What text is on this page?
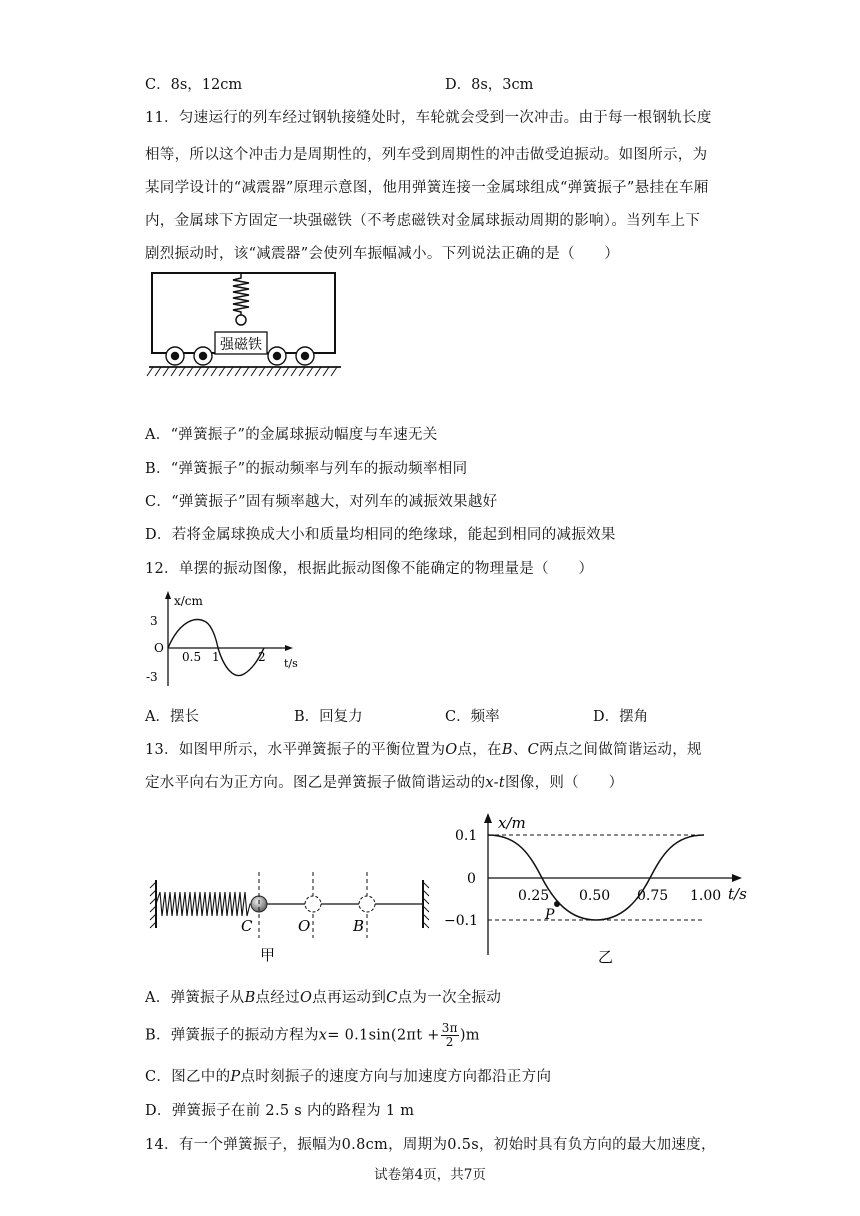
C．8s，12cm	D．8s，3cm
11．匀速运行的列车经过钢轨接缝处时，车轮就会受到一次冲击。由于每一根钢轨长度
相等，所以这个冲击力是周期性的，列车受到周期性的冲击做受迫振动。如图所示，为
某同学设计的“减震器”原理示意图，他用弹簧连接一金属球组成“弹簧振子”悬挂在车厢
内，金属球下方固定一块强磁铁（不考虑磁铁对金属球振动周期的影响）。当列车上下
剧烈振动时，该“减震器”会使列车振幅减小。下列说法正确的是（　　）
强磁铁
A．“弹簧振子”的金属球振动幅度与车速无关
B．“弹簧振子”的振动频率与列车的振动频率相同
C．“弹簧振子”固有频率越大，对列车的减振效果越好
D．若将金属球换成大小和质量均相同的绝缘球，能起到相同的减振效果
12．单摆的振动图像，根据此振动图像不能确定的物理量是（　　）
x/cm
t/s
3
O
-3
0.5 1	2
A．摆长	B．回复力	C．频率	D．摆角
13．如图甲所示，水平弹簧振子的平衡位置为O点，在B、C两点之间做简谐运动，规
定水平向右为正方向。图乙是弹簧振子做简谐运动的x-t图像，则（　　）
C	O	B
甲
x/m
t/s
0.1
0
−0.1
0.25 0.50 0.75 1.00
P
乙
A．弹簧振子从B点经过O点再运动到C点为一次全振动
B．弹簧振子的振动方程为$x= 0.1\sin(2\pi t + \frac{3\pi}{2} )m$
C．图乙中的P点时刻振子的速度方向与加速度方向都沿正方向
D．弹簧振子在前 2.5 s 内的路程为 1 m
14．有一个弹簧振子，振幅为0.8cm，周期为0.5s，初始时具有负方向的最大加速度，
试卷第4页，共7页
